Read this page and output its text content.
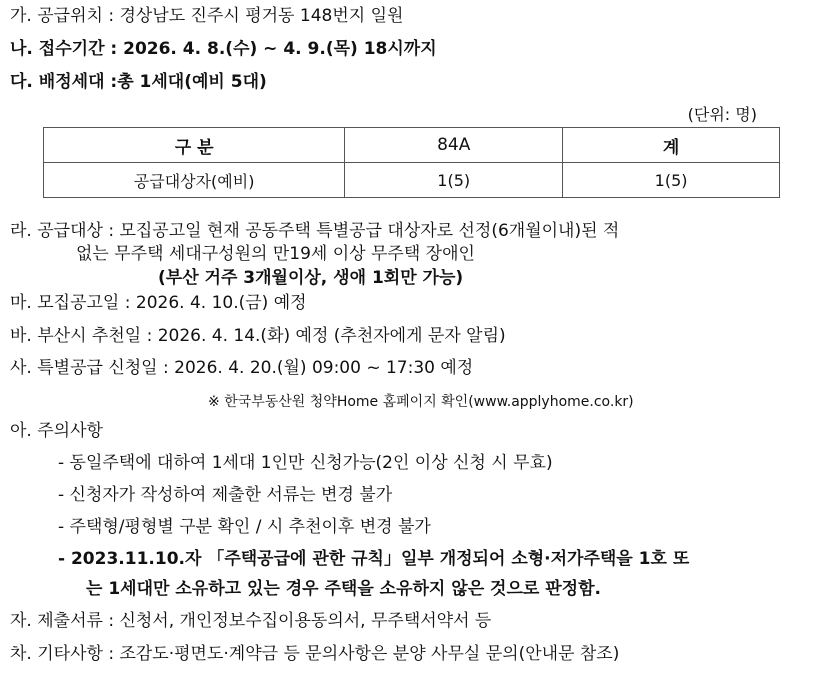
가. 공급위치 : 경상남도 진주시 평거동 148번지 일원
나. 접수기간 : 2026. 4. 8.(수) ~ 4. 9.(목) 18시까지
다. 배정세대 :총 1세대(예비 5대)
(단위: 명)
구 분	84A	계
공급대상자(예비)	1(5)	1(5)
라. 공급대상 : 모집공고일 현재 공동주택 특별공급 대상자로 선정(6개월이내)된 적
없는 무주택 세대구성원의 만19세 이상 무주택 장애인
(부산 거주 3개월이상, 생애 1회만 가능)
마. 모집공고일 : 2026. 4. 10.(금) 예정
바. 부산시 추천일 : 2026. 4. 14.(화) 예정 (추천자에게 문자 알림)
사. 특별공급 신청일 : 2026. 4. 20.(월) 09:00 ~ 17:30 예정
※ 한국부동산원 청약Home 홈페이지 확인(www.applyhome.co.kr)
아. 주의사항
- 동일주택에 대하여 1세대 1인만 신청가능(2인 이상 신청 시 무효)
- 신청자가 작성하여 제출한 서류는 변경 불가
- 주택형/평형별 구분 확인 / 시 추천이후 변경 불가
- 2023.11.10.자 「주택공급에 관한 규칙」일부 개정되어 소형·저가주택을 1호 또
는 1세대만 소유하고 있는 경우 주택을 소유하지 않은 것으로 판정함.
자. 제출서류 : 신청서, 개인정보수집이용동의서, 무주택서약서 등
차. 기타사항 : 조감도·평면도·계약금 등 문의사항은 분양 사무실 문의(안내문 참조)
